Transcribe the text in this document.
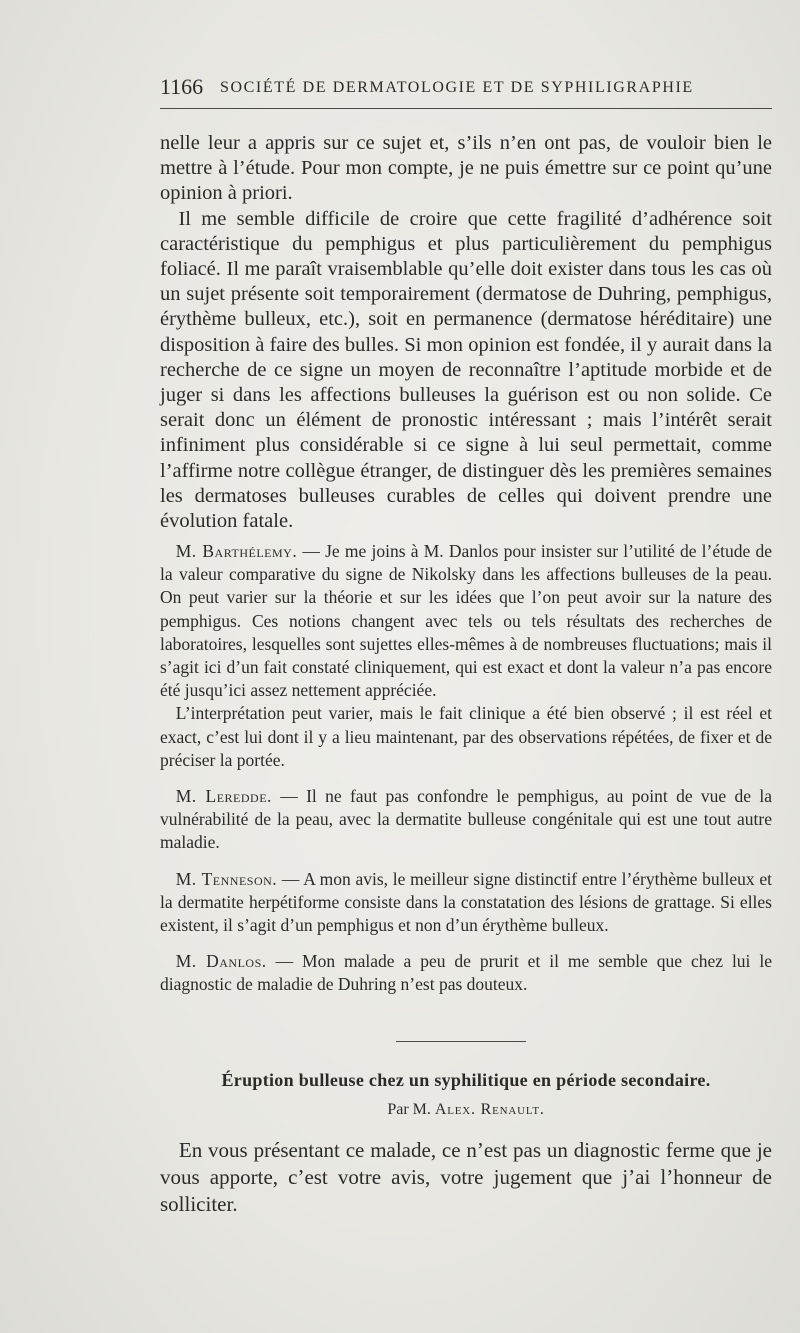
1166 SOCIÉTÉ DE DERMATOLOGIE ET DE SYPHILIGRAPHIE

nelle leur a appris sur ce sujet et, s’ils n’en ont pas, de vouloir bien le mettre à l’étude. Pour mon compte, je ne puis émettre sur ce point qu’une opinion à priori.

Il me semble difficile de croire que cette fragilité d’adhérence soit caractéristique du pemphigus et plus particulièrement du pemphigus foliacé. Il me paraît vraisemblable qu’elle doit exister dans tous les cas où un sujet présente soit temporairement (dermatose de Duhring, pemphigus, érythème bulleux, etc.), soit en permanence (dermatose héréditaire) une disposition à faire des bulles. Si mon opinion est fondée, il y aurait dans la recherche de ce signe un moyen de reconnaître l’aptitude morbide et de juger si dans les affections bulleuses la guérison est ou non solide. Ce serait donc un élément de pronostic intéressant ; mais l’intérêt serait infiniment plus considérable si ce signe à lui seul permettait, comme l’affirme notre collègue étranger, de distinguer dès les premières semaines les dermatoses bulleuses curables de celles qui doivent prendre une évolution fatale.

M. Barthélemy. — Je me joins à M. Danlos pour insister sur l’utilité de l’étude de la valeur comparative du signe de Nikolsky dans les affections bulleuses de la peau. On peut varier sur la théorie et sur les idées que l’on peut avoir sur la nature des pemphigus. Ces notions changent avec tels ou tels résultats des recherches de laboratoires, lesquelles sont sujettes elles-mêmes à de nombreuses fluctuations; mais il s’agit ici d’un fait constaté cliniquement, qui est exact et dont la valeur n’a pas encore été jusqu’ici assez nettement appréciée.

L’interprétation peut varier, mais le fait clinique a été bien observé ; il est réel et exact, c’est lui dont il y a lieu maintenant, par des observations répétées, de fixer et de préciser la portée.

M. Leredde. — Il ne faut pas confondre le pemphigus, au point de vue de la vulnérabilité de la peau, avec la dermatite bulleuse congénitale qui est une tout autre maladie.

M. Tenneson. — A mon avis, le meilleur signe distinctif entre l’érythème bulleux et la dermatite herpétiforme consiste dans la constatation des lésions de grattage. Si elles existent, il s’agit d’un pemphigus et non d’un érythème bulleux.

M. Danlos. — Mon malade a peu de prurit et il me semble que chez lui le diagnostic de maladie de Duhring n’est pas douteux.

Éruption bulleuse chez un syphilitique en période secondaire.
Par M. Alex. Renault.

En vous présentant ce malade, ce n’est pas un diagnostic ferme que je vous apporte, c’est votre avis, votre jugement que j’ai l’honneur de solliciter.
